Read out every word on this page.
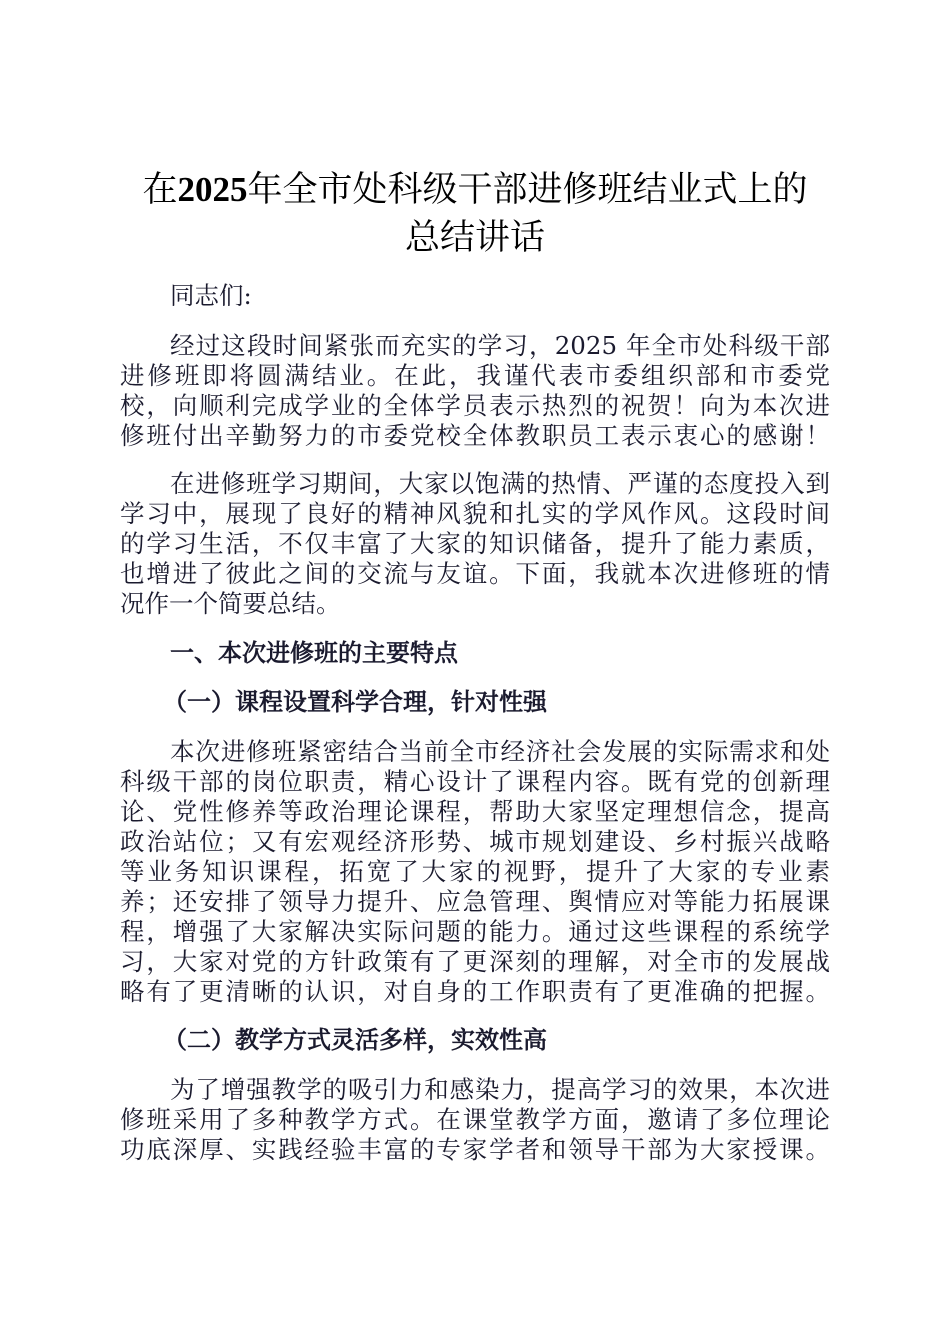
在2025年全市处科级干部进修班结业式上的
总结讲话
同志们:
经过这段时间紧张而充实的学习，2025 年全市处科级干部
进修班即将圆满结业。在此，我谨代表市委组织部和市委党
校，向顺利完成学业的全体学员表示热烈的祝贺！向为本次进
修班付出辛勤努力的市委党校全体教职员工表示衷心的感谢！
在进修班学习期间，大家以饱满的热情、严谨的态度投入到
学习中，展现了良好的精神风貌和扎实的学风作风。这段时间
的学习生活，不仅丰富了大家的知识储备，提升了能力素质，
也增进了彼此之间的交流与友谊。下面，我就本次进修班的情
况作一个简要总结。
一、本次进修班的主要特点
（一）课程设置科学合理，针对性强
本次进修班紧密结合当前全市经济社会发展的实际需求和处
科级干部的岗位职责，精心设计了课程内容。既有党的创新理
论、党性修养等政治理论课程，帮助大家坚定理想信念，提高
政治站位；又有宏观经济形势、城市规划建设、乡村振兴战略
等业务知识课程，拓宽了大家的视野，提升了大家的专业素
养；还安排了领导力提升、应急管理、舆情应对等能力拓展课
程，增强了大家解决实际问题的能力。通过这些课程的系统学
习，大家对党的方针政策有了更深刻的理解，对全市的发展战
略有了更清晰的认识，对自身的工作职责有了更准确的把握。
（二）教学方式灵活多样，实效性高
为了增强教学的吸引力和感染力，提高学习的效果，本次进
修班采用了多种教学方式。在课堂教学方面，邀请了多位理论
功底深厚、实践经验丰富的专家学者和领导干部为大家授课。
